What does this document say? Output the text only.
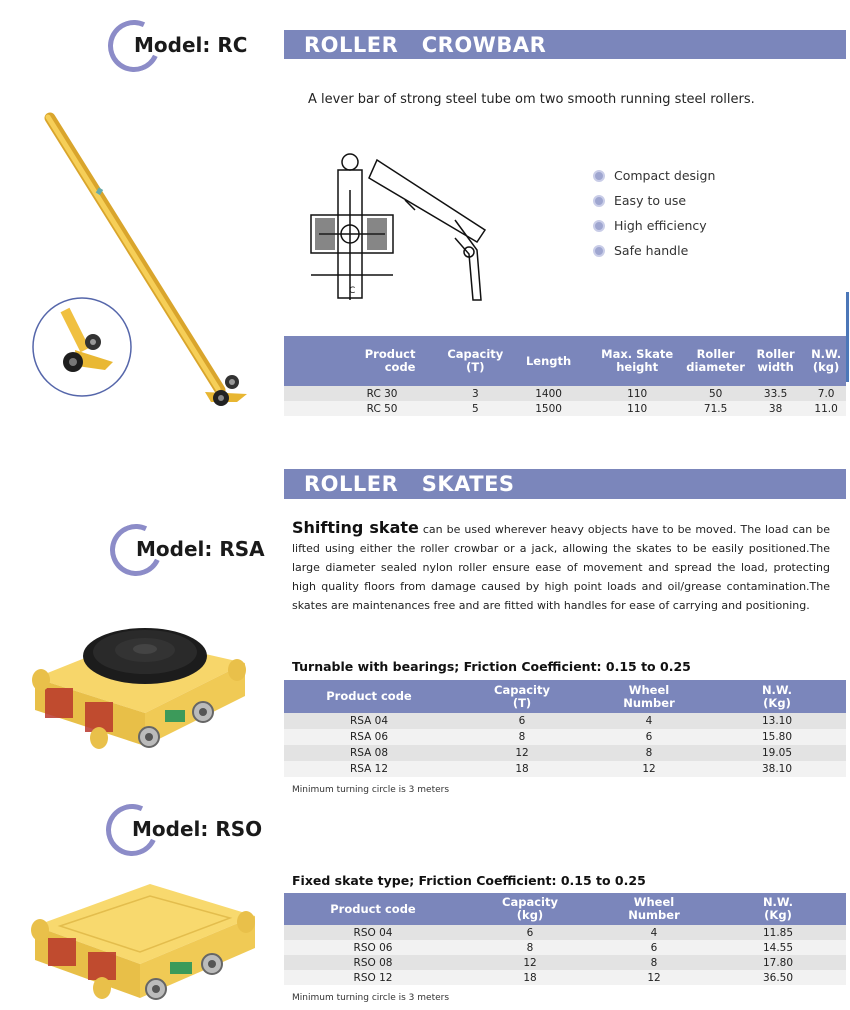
Model: RC	ROLLER   CROWBAR
A lever bar of strong steel tube om two smooth running steel rollers.
C
Compact design
Easy to use
High efficiency
Safe handle
Product
code	Capacity
(T)	Length	Max. Skate
height	Roller
diameter	Roller
width	N.W.
(kg)
RC 30	3	1400	110	50	33.5	7.0
RC 50	5	1500	110	71.5	38	11.0
ROLLER   SKATES
Shifting skate can be used wherever heavy objects have to be moved. The load can be lifted using either the roller crowbar or a jack, allowing the skates to be easily positioned.The large diameter sealed nylon roller ensure ease of movement and spread the load, protecting high quality floors from damage caused by high point loads and oil/grease contamination.The skates are maintenances free and are fitted with handles for ease of carrying and positioning.
Model: RSA
Turnable with bearings; Friction Coefficient: 0.15 to 0.25
Product code	Capacity
(T)	Wheel
Number	N.W.
(Kg)
RSA 04	6	4	13.10
RSA 06	8	6	15.80
RSA 08	12	8	19.05
RSA 12	18	12	38.10
Minimum turning circle is 3 meters
Model: RSO
Fixed skate type; Friction Coefficient: 0.15 to 0.25
Product code	Capacity
(kg)	Wheel
Number	N.W.
(Kg)
RSO 04	6	4	11.85
RSO 06	8	6	14.55
RSO 08	12	8	17.80
RSO 12	18	12	36.50
Minimum turning circle is 3 meters
